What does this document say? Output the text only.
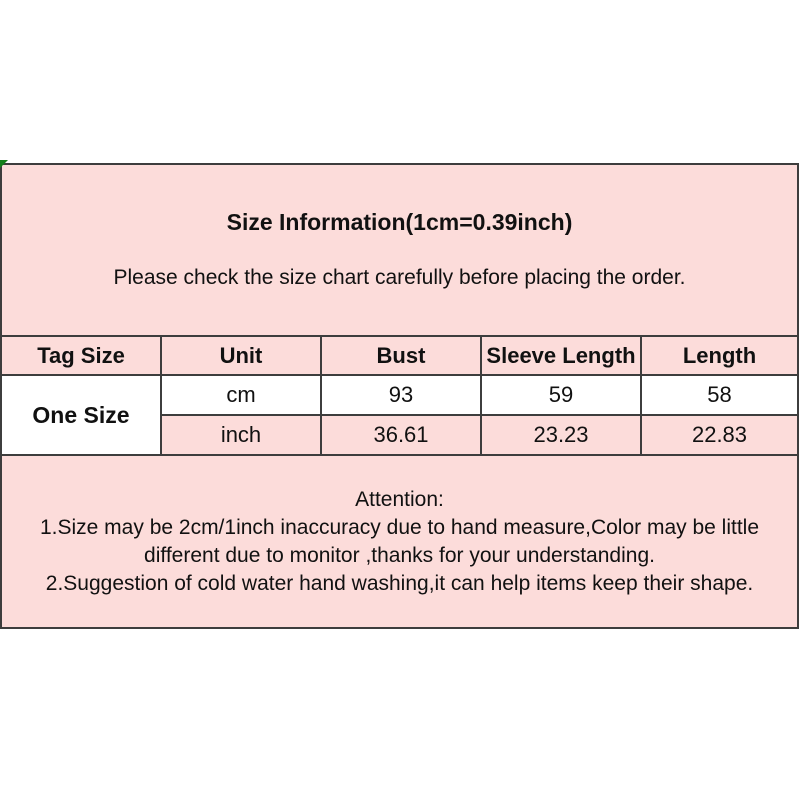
Size Information(1cm=0.39inch)
Please check the size chart carefully before placing the order.				

Tag Size	Unit	Bust	Sleeve Length	Length
One Size	cm	93	59	58
	inch	36.61	23.23	22.83

Attention:
1.Size may be 2cm/1inch inaccuracy due to hand measure,Color may be little
different due to monitor ,thanks for your understanding.
2.Suggestion of cold water hand washing,it can help items keep their shape.				
